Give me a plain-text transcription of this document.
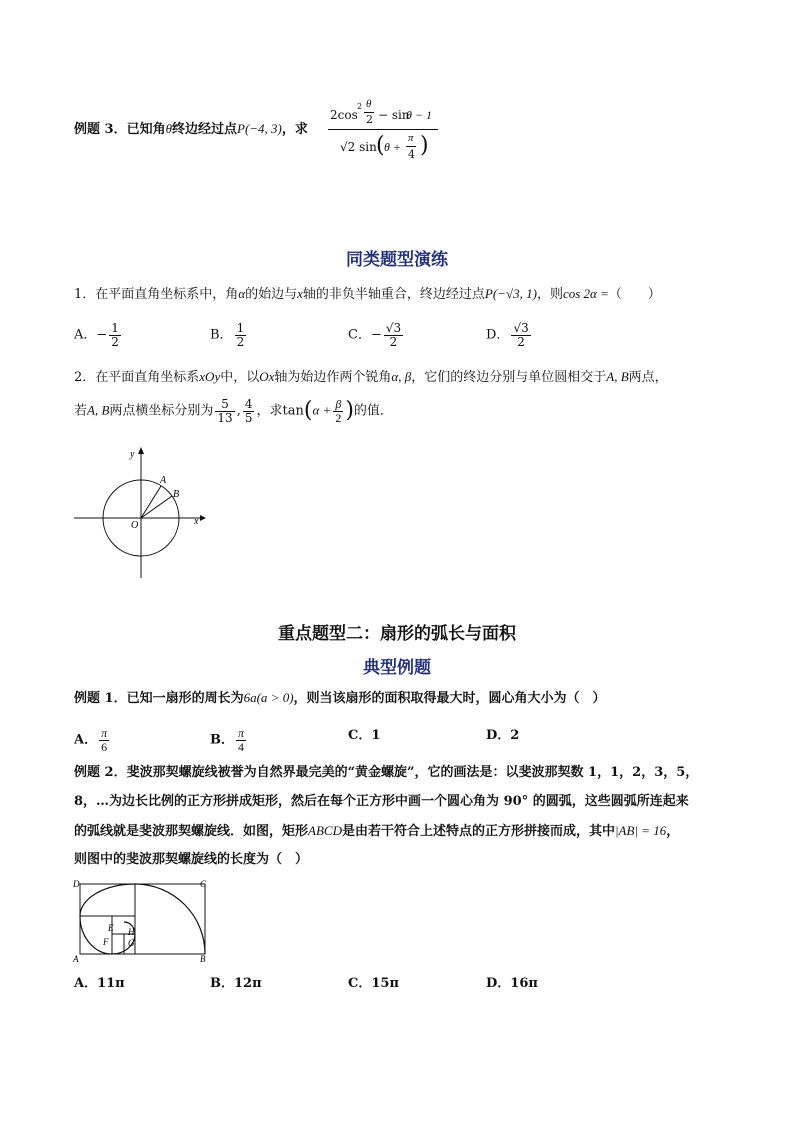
例题 3．已知角θ终边经过点P(−4, 3)，求 2cos
2 θ
2 − sin
θ − 1
√2 sin ( θ +
π
4 )
同类题型演练
1．在平面直角坐标系中，角α的始边与x轴的非负半轴重合，终边经过点P(−√3, 1)，则cos 2α =（　　）
A．− $\frac{1}{2}$	B． $\frac{1}{2}$	C．− $\frac{√3}{2}$	D． $\frac{√3}{2}$
2．在平面直角坐标系xOy中，以Ox轴为始边作两个锐角α, β，它们的终边分别与单位圆相交于A, B两点，
若A, B两点横坐标分别为 $\frac{5}{13}$ , $\frac{4}{5}$ ，求$\tan(\alpha + \frac{\beta}{2}$ )的值．
y
x
A
B
O
重点题型二：扇形的弧长与面积
典型例题
例题 1．已知一扇形的周长为6a(a > 0)，则当该扇形的面积取得最大时，圆心角大小为（　）
A． $\frac{\pi}{6}$	B． $\frac{\pi}{4}$	C．1	D．2
例题 2．斐波那契螺旋线被誉为自然界最完美的“黄金螺旋”，它的画法是：以斐波那契数 1，1，2，3，5，
8，…为边长比例的正方形拼成矩形，然后在每个正方形中画一个圆心角为 90° 的圆弧，这些圆弧所连起来
的弧线就是斐波那契螺旋线．如图，矩形ABCD是由若干符合上述特点的正方形拼接而成，其中|AB| = 16，
则图中的斐波那契螺旋线的长度为（　）
D	C
A	B
E
F G
H
A．11π	B．12π	C．15π	D．16π
